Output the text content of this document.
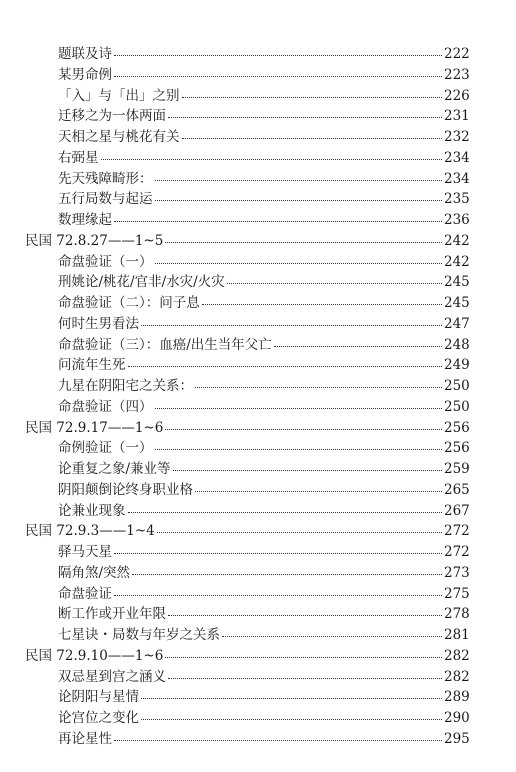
题联及诗	222
某男命例	223
「入」与「出」之别	226
迁移之为一体两面	231
天相之星与桃花有关	232
右弼星	234
先天残障畸形：	234
五行局数与起运	235
数理缘起	236
民国 72.8.27——1~5	242
命盘验证（一）	242
刑姚论/桃花/官非/水灾/火灾	245
命盘验证（二）：问子息	245
何时生男看法	247
命盘验证（三）：血癌/出生当年父亡	248
问流年生死	249
九星在阴阳宅之关系：	250
命盘验证（四）	250
民国 72.9.17——1~6	256
命例验证（一）	256
论重复之象/兼业等	259
阴阳颠倒论终身职业格	265
论兼业现象	267
民国 72.9.3——1~4	272
驿马天星	272
隔角煞/突然	273
命盘验证	275
断工作或开业年限	278
七星诀・局数与年岁之关系	281
民国 72.9.10——1~6	282
双忌星到宫之涵义	282
论阴阳与星情	289
论宫位之变化	290
再论星性	295
